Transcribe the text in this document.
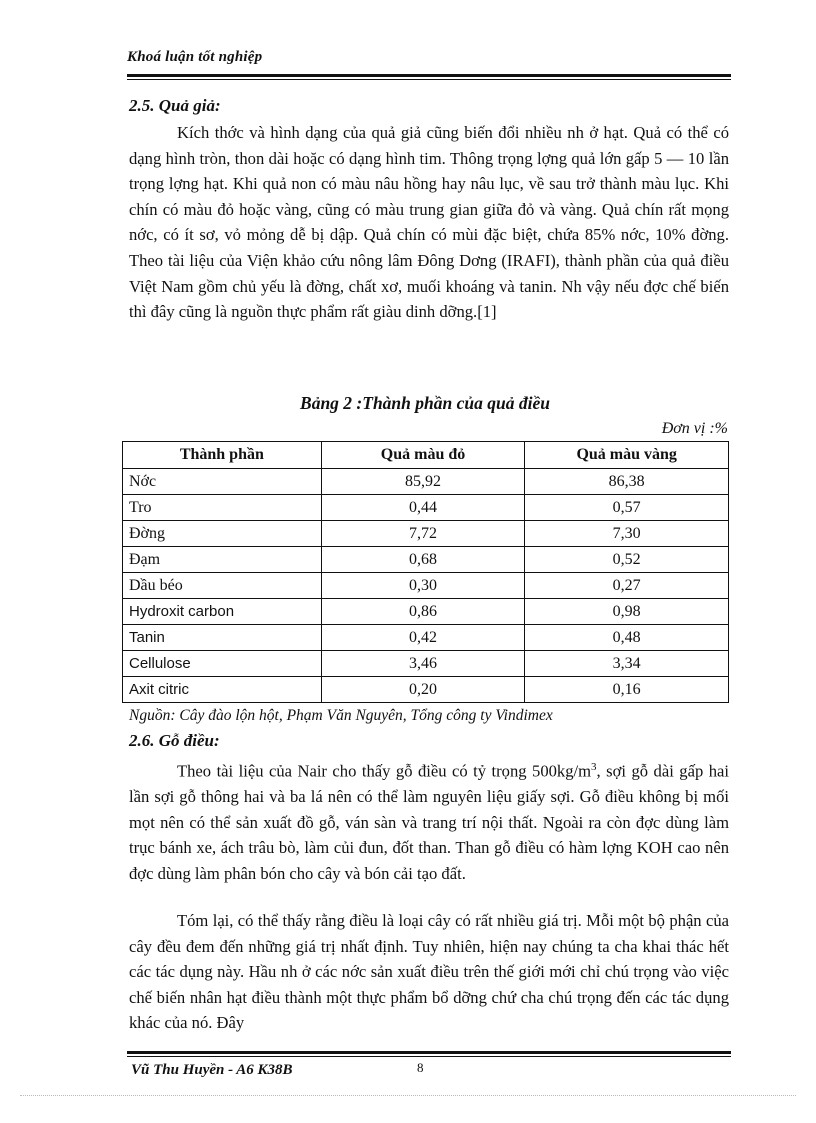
Khoá luận tốt nghiệp
2.5. Quả giả:
Kích thớc và hình dạng của quả giả cũng biến đổi nhiều nh ở hạt. Quả có thể có dạng hình tròn, thon dài hoặc có dạng hình tim. Thông trọng lợng quả lớn gấp 5 — 10 lần trọng lợng hạt. Khi quả non có màu nâu hồng hay nâu lục, về sau trở thành màu lục. Khi chín có màu đỏ hoặc vàng, cũng có màu trung gian giữa đỏ và vàng. Quả chín rất mọng nớc, có ít sơ, vỏ mỏng dễ bị dập. Quả chín có mùi đặc biệt, chứa 85% nớc, 10% đờng. Theo tài liệu của Viện khảo cứu nông lâm Đông Dơng (IRAFI), thành phần của quả điều Việt Nam gồm chủ yếu là đờng, chất xơ, muối khoáng và tanin. Nh vậy nếu đợc chế biến thì đây cũng là nguồn thực phẩm rất giàu dinh dỡng.[1]
Bảng 2 :Thành phần của quả điều
Đơn vị :%
Thành phần	Quả màu đỏ	Quả màu vàng
Nớc	85,92	86,38
Tro	0,44	0,57
Đờng	7,72	7,30
Đạm	0,68	0,52
Dầu béo	0,30	0,27
Hydroxit carbon	0,86	0,98
Tanin	0,42	0,48
Cellulose	3,46	3,34
Axit citric	0,20	0,16
Nguồn: Cây đào lộn hột, Phạm Văn Nguyên, Tổng công ty Vindimex
2.6. Gỗ điều:
Theo tài liệu của Nair cho thấy gỗ điều có tỷ trọng $500kg/m^3$, sợi gỗ dài gấp hai lần sợi gỗ thông hai và ba lá nên có thể làm nguyên liệu giấy sợi. Gỗ điều không bị mối mọt nên có thể sản xuất đồ gỗ, ván sàn và trang trí nội thất. Ngoài ra còn đợc dùng làm trục bánh xe, ách trâu bò, làm củi đun, đốt than. Than gỗ điều có hàm lợng KOH cao nên đợc dùng làm phân bón cho cây và bón cải tạo đất.
Tóm lại, có thể thấy rằng điều là loại cây có rất nhiều giá trị. Mỗi một bộ phận của cây đều đem đến những giá trị nhất định. Tuy nhiên, hiện nay chúng ta cha khai thác hết các tác dụng này. Hầu nh ở các nớc sản xuất điều trên thế giới mới chỉ chú trọng vào việc chế biến nhân hạt điều thành một thực phẩm bổ dỡng chứ cha chú trọng đến các tác dụng khác của nó. Đây
Vũ Thu Huyền - A6 K38B	8
